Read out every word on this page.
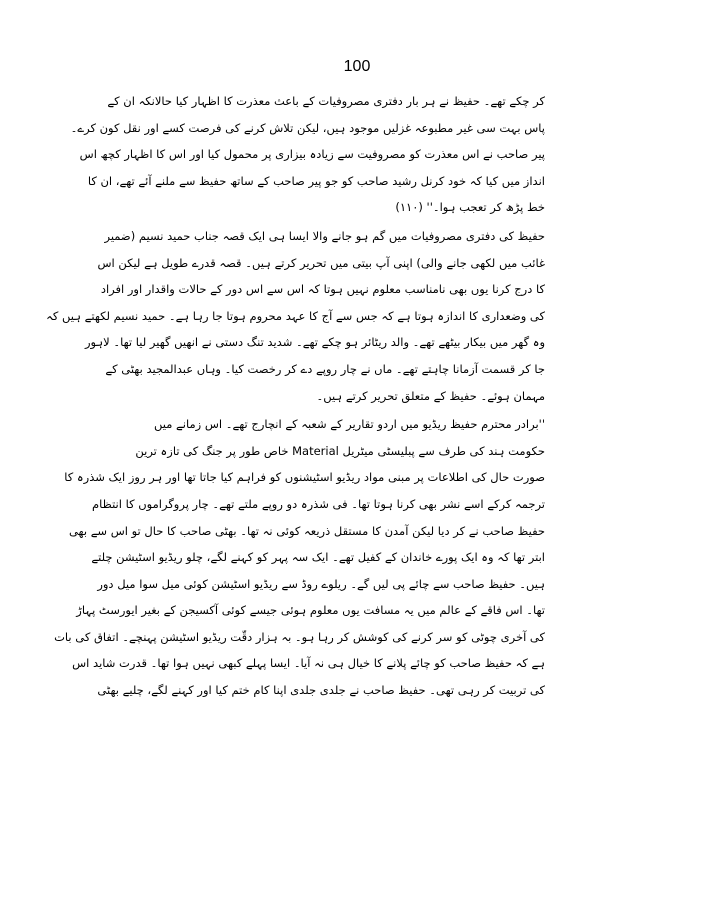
100
کر چکے تھے۔ حفیظ نے ہر بار دفتری مصروفیات کے باعث معذرت کا اظہار کیا حالانکہ ان کے
پاس بہت سی غیر مطبوعہ غزلیں موجود ہیں، لیکن تلاش کرنے کی فرصت کسے اور نقل کون کرے۔
پیر صاحب نے اس معذرت کو مصروفیت سے زیادہ بیزاری پر محمول کیا اور اس کا اظہار کچھ اس
انداز میں کیا کہ خود کرنل رشید صاحب کو جو پیر صاحب کے ساتھ حفیظ سے ملنے آئے تھے، ان کا
خط پڑھ کر تعجب ہوا۔'' (۱۱۰)
حفیظ کی دفتری مصروفیات میں گم ہو جانے والا ایسا ہی ایک قصہ جناب حمید نسیم (ضمیر
غائب میں لکھی جانے والی) اپنی آپ بیتی میں تحریر کرتے ہیں۔ قصہ قدرے طویل ہے لیکن اس
کا درج کرنا یوں بھی نامناسب معلوم نہیں ہوتا کہ اس سے اس دور کے حالات واقدار اور افراد
کی وضعداری کا اندازہ ہوتا ہے کہ جس سے آج کا عہد محروم ہوتا جا رہا ہے۔ حمید نسیم لکھتے ہیں کہ
وہ گھر میں بیکار بیٹھے تھے۔ والد ریٹائر ہو چکے تھے۔ شدید تنگ دستی نے انھیں گھیر لیا تھا۔ لاہور
جا کر قسمت آزمانا چاہتے تھے۔ ماں نے چار روپے دے کر رخصت کیا۔ وہاں عبدالمجید بھٹی کے
مہمان ہوئے۔ حفیظ کے متعلق تحریر کرتے ہیں۔
''برادر محترم حفیظ ریڈیو میں اردو تقاریر کے شعبہ کے انچارج تھے۔ اس زمانے میں
حکومت ہند کی طرف سے پبلیسٹی میٹریل Material خاص طور پر جنگ کی تازہ ترین
صورت حال کی اطلاعات پر مبنی مواد ریڈیو اسٹیشنوں کو فراہم کیا جاتا تھا اور ہر روز ایک شذرہ کا
ترجمہ کرکے اسے نشر بھی کرنا ہوتا تھا۔ فی شذرہ دو روپے ملتے تھے۔ چار پروگراموں کا انتظام
حفیظ صاحب نے کر دیا لیکن آمدن کا مستقل ذریعہ کوئی نہ تھا۔ بھٹی صاحب کا حال تو اس سے بھی
ابتر تھا کہ وہ ایک پورے خاندان کے کفیل تھے۔ ایک سہ پہر کو کہنے لگے، چلو ریڈیو اسٹیشن چلتے
ہیں۔ حفیظ صاحب سے چائے پی لیں گے۔ ریلوے روڈ سے ریڈیو اسٹیشن کوئی میل سوا میل دور
تھا۔ اس فاقے کے عالم میں یہ مسافت یوں معلوم ہوئی جیسے کوئی آکسیجن کے بغیر ایورسٹ پہاڑ
کی آخری چوٹی کو سر کرنے کی کوشش کر رہا ہو۔ بہ ہزار دقّت ریڈیو اسٹیشن پہنچے۔ اتفاق کی بات
ہے کہ حفیظ صاحب کو چائے پلانے کا خیال ہی نہ آیا۔ ایسا پہلے کبھی نہیں ہوا تھا۔ قدرت شاید اس
کی تربیت کر رہی تھی۔ حفیظ صاحب نے جلدی جلدی اپنا کام ختم کیا اور کہنے لگے، چلیے بھٹی
